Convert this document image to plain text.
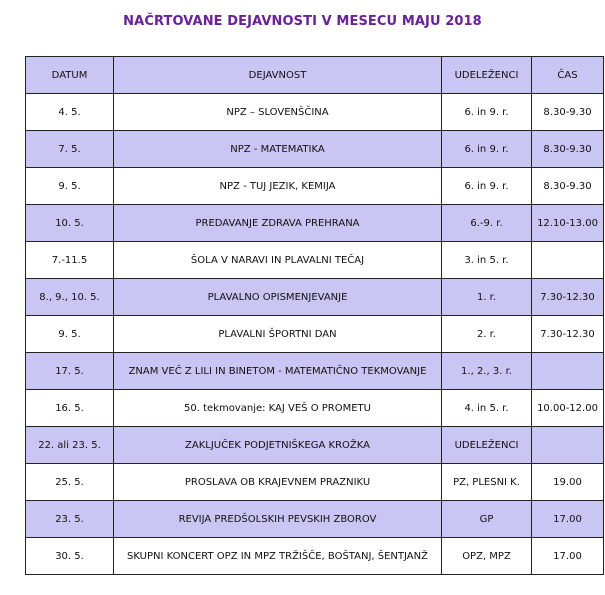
NAČRTOVANE DEJAVNOSTI V MESECU MAJU 2018
DATUM	DEJAVNOST	UDELEŽENCI	ČAS
4. 5.	NPZ – SLOVENŠČINA	6. in 9. r.	8.30-9.30
7. 5.	NPZ - MATEMATIKA	6. in 9. r.	8.30-9.30
9. 5.	NPZ - TUJ JEZIK, KEMIJA	6. in 9. r.	8.30-9.30
10. 5.	PREDAVANJE ZDRAVA PREHRANA	6.-9. r.	12.10-13.00
7.-11.5	ŠOLA V NARAVI IN PLAVALNI TEČAJ	3. in 5. r.	
8., 9., 10. 5.	PLAVALNO OPISMENJEVANJE	1. r.	7.30-12.30
9. 5.	PLAVALNI ŠPORTNI DAN	2. r.	7.30-12.30
17. 5.	ZNAM VEČ Z LILI IN BINETOM - MATEMATIČNO TEKMOVANJE	1., 2., 3. r.	
16. 5.	50. tekmovanje: KAJ VEŠ O PROMETU	4. in 5. r.	10.00-12.00
22. ali 23. 5.	ZAKLJUČEK PODJETNIŠKEGA KROŽKA	UDELEŽENCI	
25. 5.	PROSLAVA OB KRAJEVNEM PRAZNIKU	PZ, PLESNI K.	19.00
23. 5.	REVIJA PREDŠOLSKIH PEVSKIH ZBOROV	GP	17.00
30. 5.	SKUPNI KONCERT OPZ IN MPZ TRŽIŠČE, BOŠTANJ, ŠENTJANŽ	OPZ, MPZ	17.00
